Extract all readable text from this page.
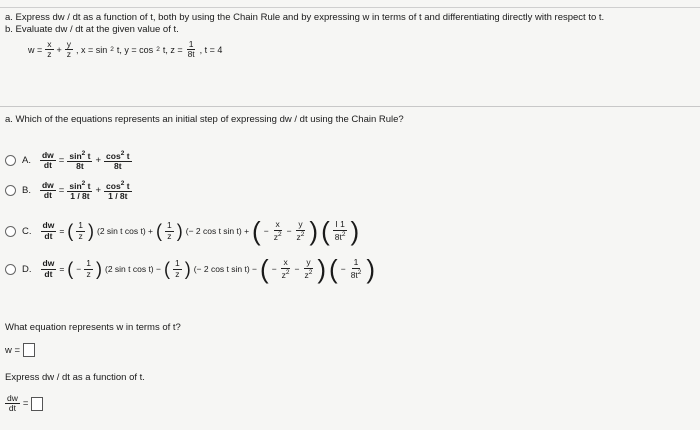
a. Express dw / dt as a function of t, both by using the Chain Rule and by expressing w in terms of t and differentiating directly with respect to t.
b. Evaluate dw / dt at the given value of t.
$w = \frac{x}{z} + \frac{y}{z}$ , x = sin 2 t, y = cos 2 t, $z = \frac{1}{8t}$ , t = 4
a. Which of the equations represents an initial step of expressing dw / dt using the Chain Rule?
A. $\frac{dw}{dt} = \frac{\sin^2 t}{8t} + \frac{\cos^2 t}{8t}$
B. $\frac{dw}{dt} = \frac{\sin^2 t}{1 / 8t} + \frac{\cos^2 t}{1 / 8t}$
C. $\frac{dw}{dt}$ = ( $\frac{1}{z}$ ) (2 sin t cos t) + ( $\frac{1}{z}$ ) (− 2 cos t sin t) + ( − $\frac{x}{z^2} - \frac{y}{z^2}$ ) ( $\frac{I 1}{8t^2}$ )
D. $\frac{dw}{dt}$ = ( − $\frac{1}{z}$ ) (2 sin t cos t) − ( $\frac{1}{z}$ ) (− 2 cos t sin t) − ( − $\frac{x}{z^2} - \frac{y}{z^2}$ ) ( − $\frac{1}{8t^2}$ )
What equation represents w in terms of t?
w =
Express dw / dt as a function of t.
$\frac{dw}{dt}$ =
